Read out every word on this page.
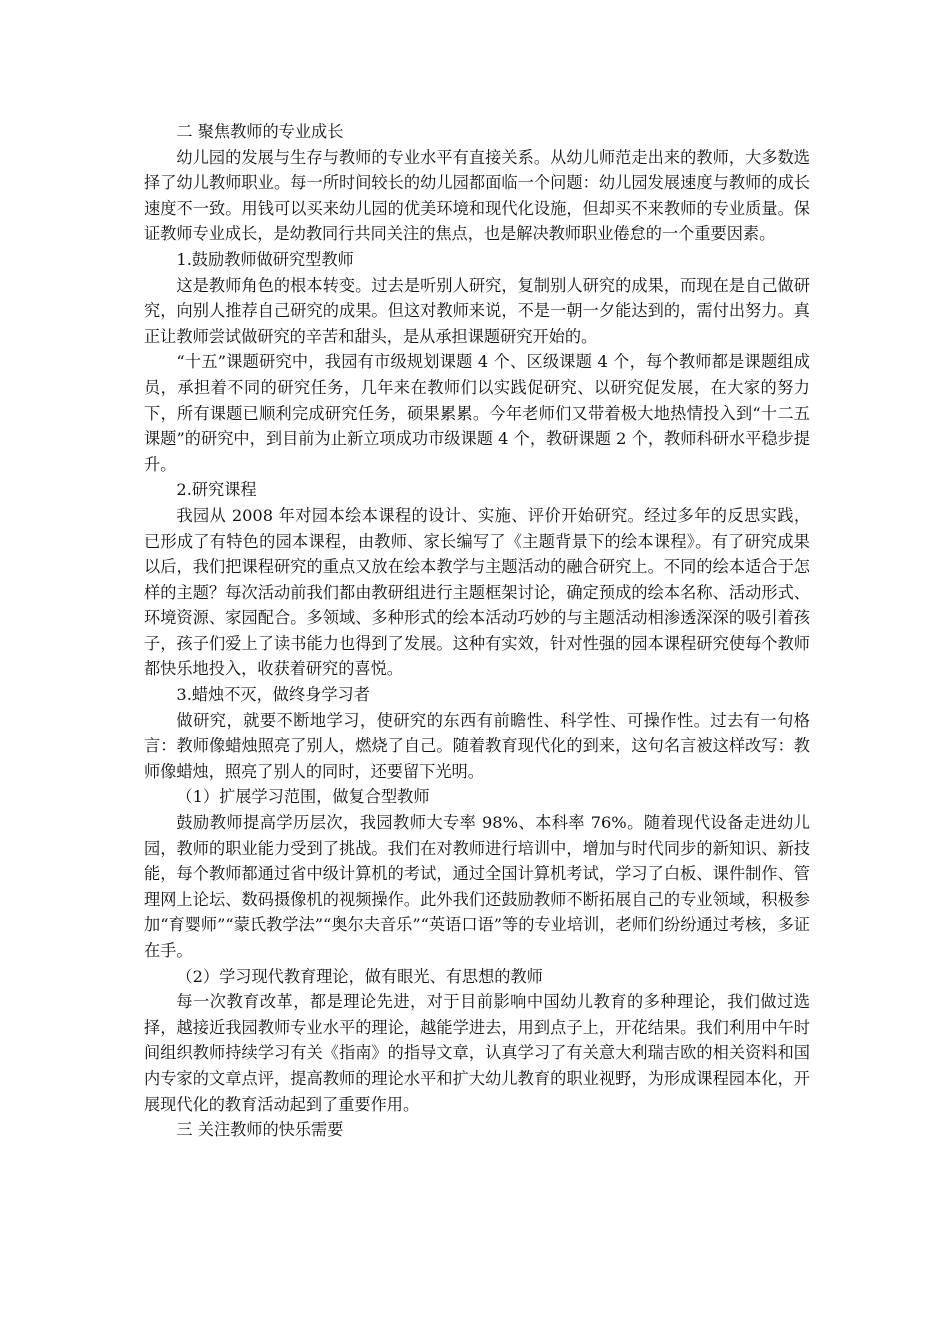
二 聚焦教师的专业成长

幼儿园的发展与生存与教师的专业水平有直接关系。从幼儿师范走出来的教师，大多数选择了幼儿教师职业。每一所时间较长的幼儿园都面临一个问题：幼儿园发展速度与教师的成长速度不一致。用钱可以买来幼儿园的优美环境和现代化设施，但却买不来教师的专业质量。保证教师专业成长，是幼教同行共同关注的焦点，也是解决教师职业倦怠的一个重要因素。

1.鼓励教师做研究型教师

这是教师角色的根本转变。过去是听别人研究，复制别人研究的成果，而现在是自己做研究，向别人推荐自己研究的成果。但这对教师来说，不是一朝一夕能达到的，需付出努力。真正让教师尝试做研究的辛苦和甜头，是从承担课题研究开始的。

“十五”课题研究中，我园有市级规划课题 4 个、区级课题 4 个，每个教师都是课题组成员，承担着不同的研究任务，几年来在教师们以实践促研究、以研究促发展，在大家的努力下，所有课题已顺利完成研究任务，硕果累累。今年老师们又带着极大地热情投入到“十二五课题”的研究中，到目前为止新立项成功市级课题 4 个，教研课题 2 个，教师科研水平稳步提升。

2.研究课程

我园从 2008 年对园本绘本课程的设计、实施、评价开始研究。经过多年的反思实践，已形成了有特色的园本课程，由教师、家长编写了《主题背景下的绘本课程》。有了研究成果以后，我们把课程研究的重点又放在绘本教学与主题活动的融合研究上。不同的绘本适合于怎样的主题？每次活动前我们都由教研组进行主题框架讨论，确定预成的绘本名称、活动形式、环境资源、家园配合。多领域、多种形式的绘本活动巧妙的与主题活动相渗透深深的吸引着孩子，孩子们爱上了读书能力也得到了发展。这种有实效，针对性强的园本课程研究使每个教师都快乐地投入，收获着研究的喜悦。

3.蜡烛不灭，做终身学习者

做研究，就要不断地学习，使研究的东西有前瞻性、科学性、可操作性。过去有一句格言：教师像蜡烛照亮了别人，燃烧了自己。随着教育现代化的到来，这句名言被这样改写：教师像蜡烛，照亮了别人的同时，还要留下光明。

（1）扩展学习范围，做复合型教师

鼓励教师提高学历层次，我园教师大专率 98%、本科率 76%。随着现代设备走进幼儿园，教师的职业能力受到了挑战。我们在对教师进行培训中，增加与时代同步的新知识、新技能，每个教师都通过省中级计算机的考试，通过全国计算机考试，学习了白板、课件制作、管理网上论坛、数码摄像机的视频操作。此外我们还鼓励教师不断拓展自己的专业领域，积极参加“育婴师”“蒙氏教学法”“奥尔夫音乐”“英语口语”等的专业培训，老师们纷纷通过考核，多证在手。

（2）学习现代教育理论，做有眼光、有思想的教师

每一次教育改革，都是理论先进，对于目前影响中国幼儿教育的多种理论，我们做过选择，越接近我园教师专业水平的理论，越能学进去，用到点子上，开花结果。我们利用中午时间组织教师持续学习有关《指南》的指导文章，认真学习了有关意大利瑞吉欧的相关资料和国内专家的文章点评，提高教师的理论水平和扩大幼儿教育的职业视野，为形成课程园本化，开展现代化的教育活动起到了重要作用。

三 关注教师的快乐需要
